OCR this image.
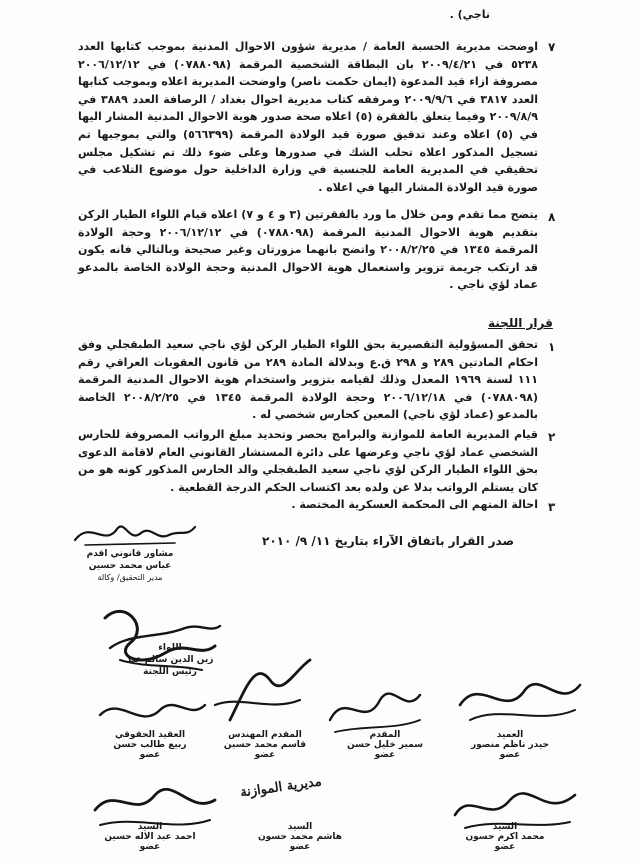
ناجي) .
٧
اوضحت مديرية الحسبة العامة / مديرية شؤون الاحوال المدنية بموجب كتابها العدد ٥٢٣٨ في ٢٠٠٩/٤/٢١ بان البطاقة الشخصية المرقمة (٠٧٨٨٠٩٨) في ٢٠٠٦/١٢/١٢ مصروفة ازاء قيد المدعوة (ايمان حكمت ناصر) واوضحت المديرية اعلاه وبموجب كتابها العدد ٣٨١٧ في ٢٠٠٩/٩/٦ ومرفقه كتاب مديرية احوال بغداد / الرصافة العدد ٣٨٨٩ في ٢٠٠٩/٨/٩ وفيما يتعلق بالفقرة (٥) اعلاه صحة صدور هوية الاحوال المدنية المشار اليها في (٥) اعلاه وعند تدقيق صورة قيد الولادة المرقمة (٥٦٦٣٩٩) والتي بموجبها تم تسجيل المذكور اعلاه تحلب الشك في صدورها وعلى ضوء ذلك تم تشكيل مجلس تحقيقي في المديرية العامة للجنسية في وزارة الداخلية حول موضوع التلاعب في صورة قيد الولادة المشار اليها في اعلاه .
٨
يتضح مما تقدم ومن خلال ما ورد بالفقرتين (٣ و ٤ و ٧) اعلاه قيام اللواء الطيار الركن بتقديم هوية الاحوال المدنية المرقمة (٠٧٨٨٠٩٨) في ٢٠٠٦/١٢/١٢ وحجة الولادة المرقمة ١٣٤٥ في ٢٠٠٨/٢/٢٥ واتضح بانهما مزورتان وغير صحيحة وبالتالي فانه يكون قد ارتكب جريمة تزوير واستعمال هوية الاحوال المدنية وحجة الولادة الخاصة بالمدعو عماد لؤي ناجي .
قرار اللجنة
١
تحقق المسؤولية التقصيرية بحق اللواء الطيار الركن لؤي ناجي سعيد الطبقجلي وفق احكام المادتين ٢٨٩ و ٢٩٨ ق.ع وبدلالة المادة ٢٨٩ من قانون العقوبات العراقي رقم ١١١ لسنة ١٩٦٩ المعدل وذلك لقيامه بتزوير واستخدام هوية الاحوال المدنية المرقمة (٠٧٨٨٠٩٨) في ٢٠٠٦/١٢/١٨ وحجة الولادة المرقمة ١٣٤٥ في ٢٠٠٨/٢/٢٥ الخاصة بالمدعو (عماد لؤي ناجي) المعين كحارس شخصي له .
٢
قيام المديرية العامة للموازنة والبرامج بحصر وتحديد مبلغ الرواتب المصروفة للحارس الشخصي عماد لؤي ناجي وعرضها على دائرة المستشار القانوني العام لاقامة الدعوى بحق اللواء الطيار الركن لؤي ناجي سعيد الطبقجلي والد الحارس المذكور كونه هو من كان يستلم الرواتب بدلا عن ولده بعد اكتساب الحكم الدرجة القطعية .
٣
احالة المتهم الى المحكمة العسكرية المختصة .
صدر القرار باتفاق الآراء بتاريخ ١١/ ٩/ ٢٠١٠
مشاور قانوني اقدم
عباس محمد حسين
مدير التحقيق/ وكالة
اللواء
زين الدين سالم عبد
رئيس اللجنة
العميد
حيدر ناظم منصور
عضو
المقدم
سمير خليل حسن
عضو
المقدم المهندس
قاسم محمد حسين
عضو
العقيد الحقوقي
ربيع طالب حسن
عضو
مديرية الموازنة
السيد
محمد اكرم حسون
عضو
السيد
هاشم محمد حسون
عضو
السيد
احمد عبد الاله حسين
عضو
